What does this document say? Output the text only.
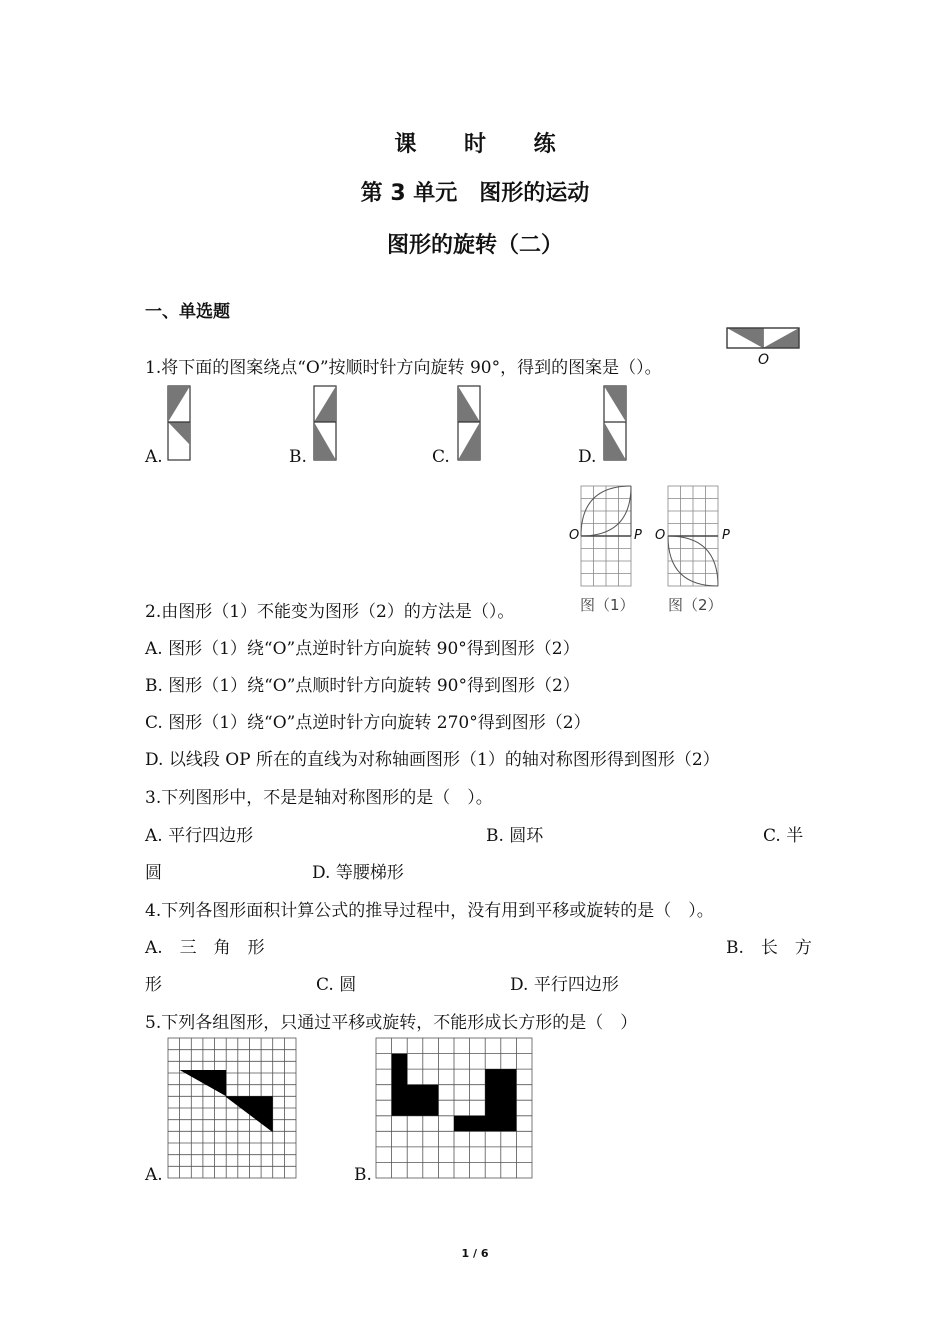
课 时 练
第 3 单元　图形的运动
图形的旋转（二）
一、单选题
1.将下面的图案绕点“O”按顺时针方向旋转 90°，得到的图案是（）。	O
A.	B.	C.	D.
O	P O	P
图（1） 图（2）
2.由图形（1）不能变为图形（2）的方法是（）。
A. 图形（1）绕“O”点逆时针方向旋转 90°得到图形（2）
B. 图形（1）绕“O”点顺时针方向旋转 90°得到图形（2）
C. 图形（1）绕“O”点逆时针方向旋转 270°得到图形（2）
D. 以线段 OP 所在的直线为对称轴画图形（1）的轴对称图形得到图形（2）
3.下列图形中，不是是轴对称图形的是（　）。
A. 平行四边形	B. 圆环	C. 半
圆	D. 等腰梯形
4.下列各图形面积计算公式的推导过程中，没有用到平移或旋转的是（　）。
A.　三　角　形	B.　长　方
形	C. 圆	D. 平行四边形
5.下列各组图形，只通过平移或旋转，不能形成长方形的是（　）
A.	B.
1 / 6
